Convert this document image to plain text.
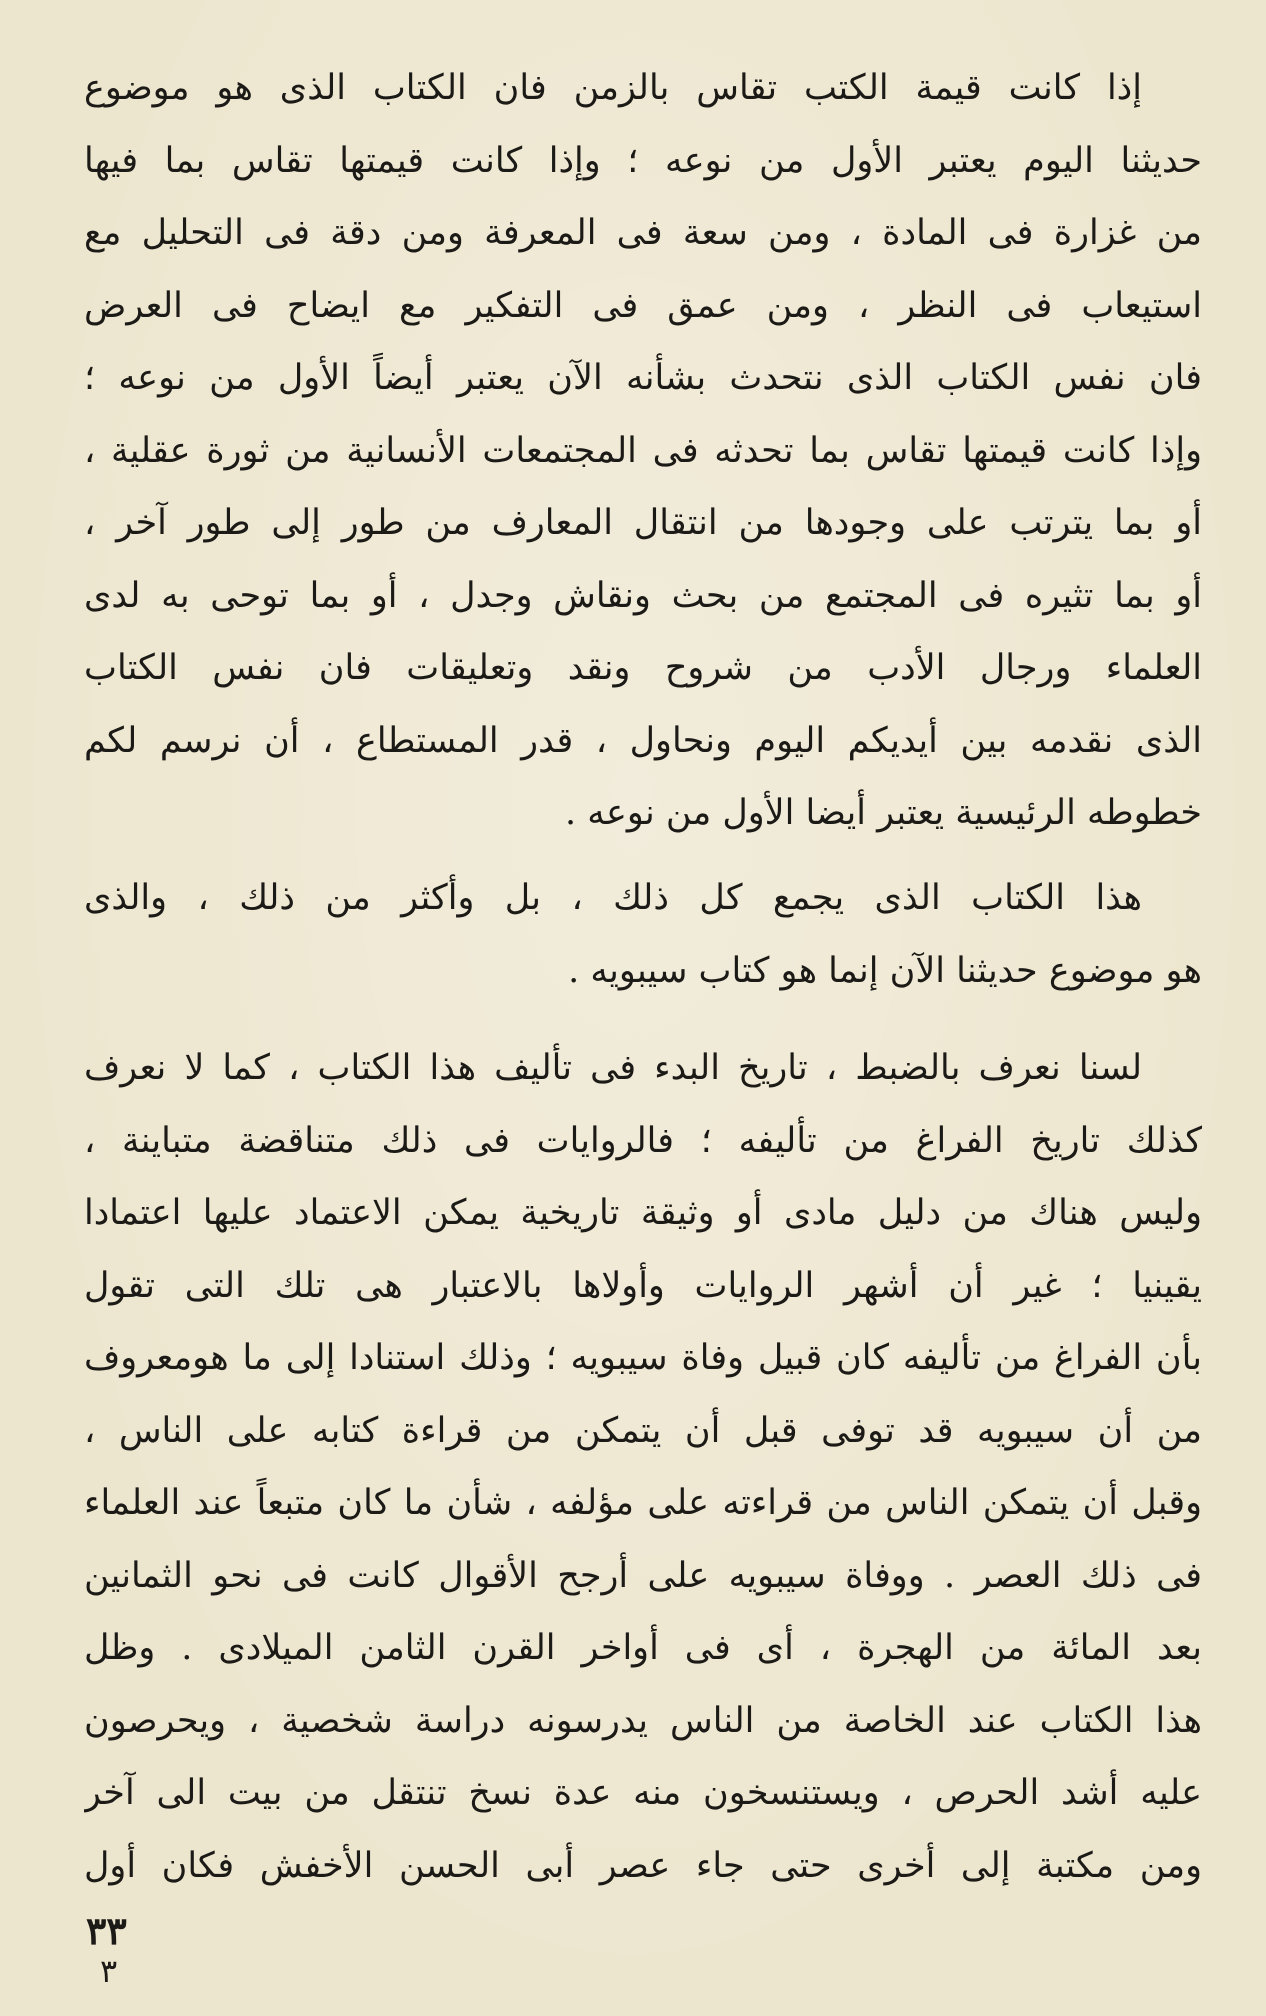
إذا كانت قيمة الكتب تقاس بالزمن فان الكتاب الذى هو موضوع
حديثنا اليوم يعتبر الأول من نوعه ؛ وإذا كانت قيمتها تقاس بما فيها
من غزارة فى المادة ، ومن سعة فى المعرفة ومن دقة فى التحليل مع
استيعاب فى النظر ، ومن عمق فى التفكير مع ايضاح فى العرض
فان نفس الكتاب الذى نتحدث بشأنه الآن يعتبر أيضاً الأول من نوعه ؛
وإذا كانت قيمتها تقاس بما تحدثه فى المجتمعات الأنسانية من ثورة عقلية ،
أو بما يترتب على وجودها من انتقال المعارف من طور إلى طور آخر ،
أو بما تثيره فى المجتمع من بحث ونقاش وجدل ، أو بما توحى به لدى
العلماء ورجال الأدب من شروح ونقد وتعليقات فان نفس الكتاب
الذى نقدمه بين أيديكم اليوم ونحاول ، قدر المستطاع ، أن نرسم لكم
خطوطه الرئيسية يعتبر أيضا الأول من نوعه .
هذا الكتاب الذى يجمع كل ذلك ، بل وأكثر من ذلك ، والذى
هو موضوع حديثنا الآن إنما هو كتاب سيبويه .
لسنا نعرف بالضبط ، تاريخ البدء فى تأليف هذا الكتاب ، كما لا نعرف
كذلك تاريخ الفراغ من تأليفه ؛ فالروايات فى ذلك متناقضة متباينة ،
وليس هناك من دليل مادى أو وثيقة تاريخية يمكن الاعتماد عليها اعتمادا
يقينيا ؛ غير أن أشهر الروايات وأولاها بالاعتبار هى تلك التى تقول
بأن الفراغ من تأليفه كان قبيل وفاة سيبويه ؛ وذلك استنادا إلى ما هومعروف
من أن سيبويه قد توفى قبل أن يتمكن من قراءة كتابه على الناس ،
وقبل أن يتمكن الناس من قراءته على مؤلفه ، شأن ما كان متبعاً عند العلماء
فى ذلك العصر . ووفاة سيبويه على أرجح الأقوال كانت فى نحو الثمانين
بعد المائة من الهجرة ، أى فى أواخر القرن الثامن الميلادى . وظل
هذا الكتاب عند الخاصة من الناس يدرسونه دراسة شخصية ، ويحرصون
عليه أشد الحرص ، ويستنسخون منه عدة نسخ تنتقل من بيت الى آخر
ومن مكتبة إلى أخرى حتى جاء عصر أبى الحسن الأخفش فكان أول
٣٣
٣
